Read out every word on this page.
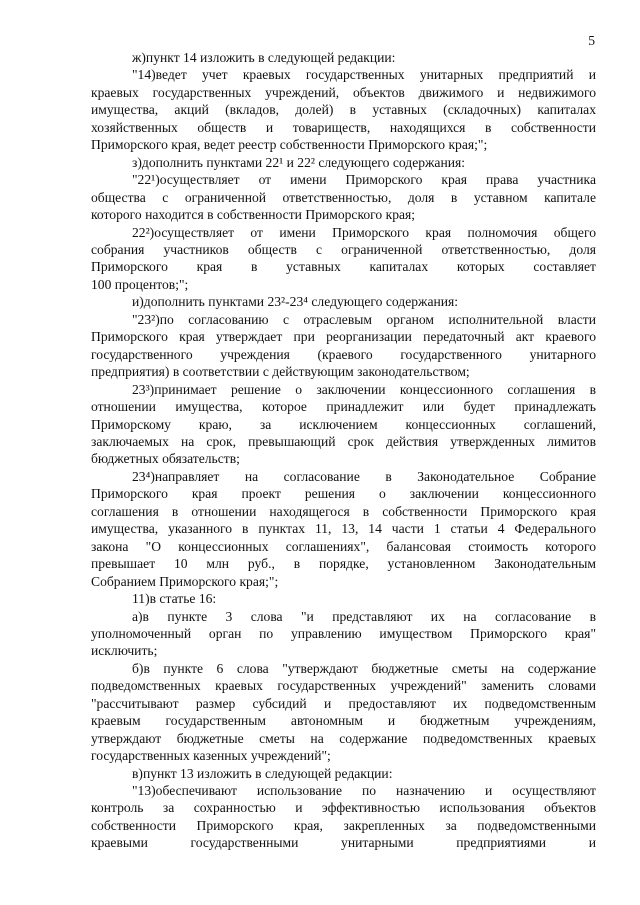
5
ж)пункт 14 изложить в следующей редакции:
"14)ведет учет краевых государственных унитарных предприятий и
краевых государственных учреждений, объектов движимого и недвижимого
имущества, акций (вкладов, долей) в уставных (складочных) капиталах
хозяйственных обществ и товариществ, находящихся в собственности
Приморского края, ведет реестр собственности Приморского края;";
з)дополнить пунктами 22¹ и 22² следующего содержания:
"22¹)осуществляет от имени Приморского края права участника
общества с ограниченной ответственностью, доля в уставном капитале
которого находится в собственности Приморского края;
22²)осуществляет от имени Приморского края полномочия общего
собрания участников обществ с ограниченной ответственностью, доля
Приморского края в уставных капиталах которых составляет
100 процентов;";
и)дополнить пунктами 23²-23⁴ следующего содержания:
"23²)по согласованию с отраслевым органом исполнительной власти
Приморского края утверждает при реорганизации передаточный акт краевого
государственного учреждения (краевого государственного унитарного
предприятия) в соответствии с действующим законодательством;
23³)принимает решение о заключении концессионного соглашения в
отношении имущества, которое принадлежит или будет принадлежать
Приморскому краю, за исключением концессионных соглашений,
заключаемых на срок, превышающий срок действия утвержденных лимитов
бюджетных обязательств;
23⁴)направляет на согласование в Законодательное Собрание
Приморского края проект решения о заключении концессионного
соглашения в отношении находящегося в собственности Приморского края
имущества, указанного в пунктах 11, 13, 14 части 1 статьи 4 Федерального
закона "О концессионных соглашениях", балансовая стоимость которого
превышает 10 млн руб., в порядке, установленном Законодательным
Собранием Приморского края;";
11)в статье 16:
а)в пункте 3 слова "и представляют их на согласование в
уполномоченный орган по управлению имуществом Приморского края"
исключить;
б)в пункте 6 слова "утверждают бюджетные сметы на содержание
подведомственных краевых государственных учреждений" заменить словами
"рассчитывают размер субсидий и предоставляют их подведомственным
краевым государственным автономным и бюджетным учреждениям,
утверждают бюджетные сметы на содержание подведомственных краевых
государственных казенных учреждений";
в)пункт 13 изложить в следующей редакции:
"13)обеспечивают использование по назначению и осуществляют
контроль за сохранностью и эффективностью использования объектов
собственности Приморского края, закрепленных за подведомственными
краевыми государственными унитарными предприятиями и
